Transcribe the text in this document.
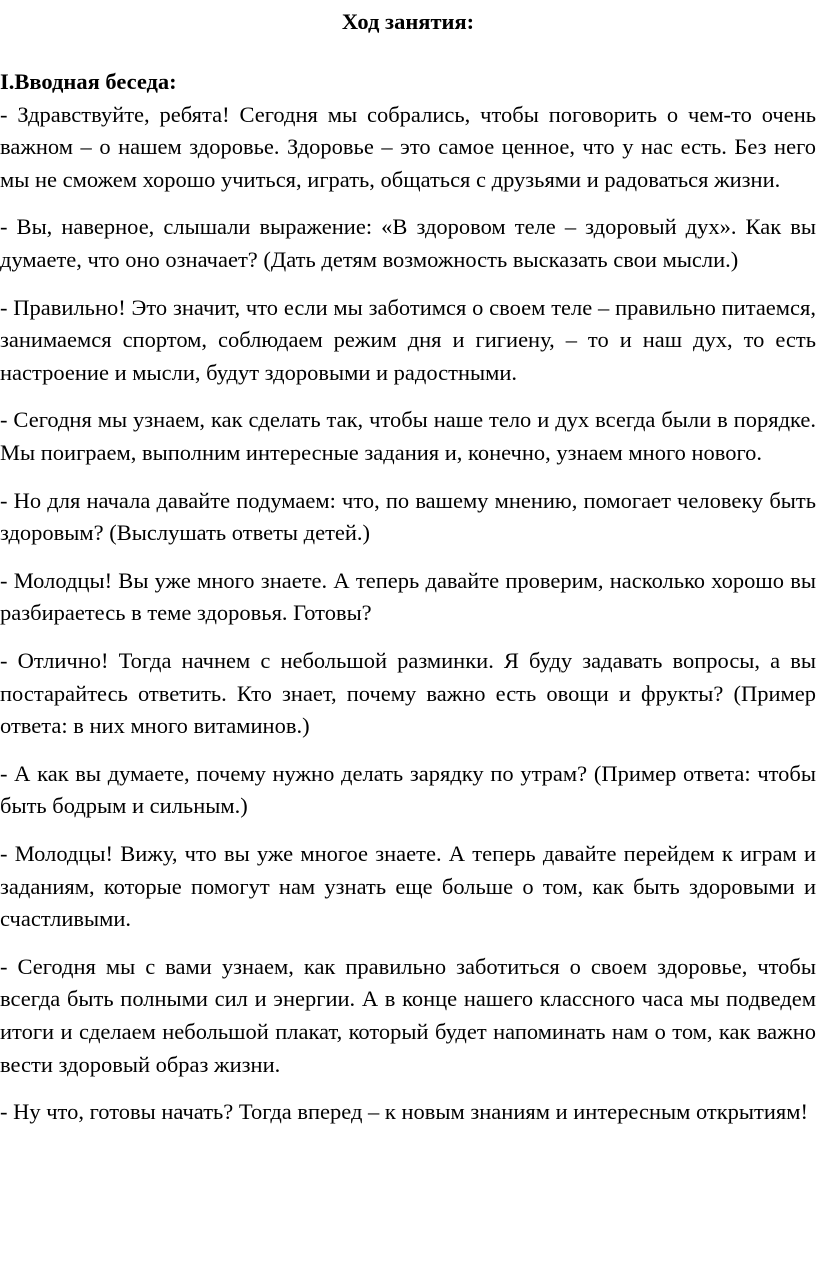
Ход занятия:
I.Вводная беседа:
- Здравствуйте, ребята! Сегодня мы собрались, чтобы поговорить о чем-то очень важном – о нашем здоровье. Здоровье – это самое ценное, что у нас есть. Без него мы не сможем хорошо учиться, играть, общаться с друзьями и радоваться жизни.
- Вы, наверное, слышали выражение: «В здоровом теле – здоровый дух». Как вы думаете, что оно означает? (Дать детям возможность высказать свои мысли.)
- Правильно! Это значит, что если мы заботимся о своем теле – правильно питаемся, занимаемся спортом, соблюдаем режим дня и гигиену, – то и наш дух, то есть настроение и мысли, будут здоровыми и радостными.
- Сегодня мы узнаем, как сделать так, чтобы наше тело и дух всегда были в порядке. Мы поиграем, выполним интересные задания и, конечно, узнаем много нового.
- Но для начала давайте подумаем: что, по вашему мнению, помогает человеку быть здоровым? (Выслушать ответы детей.)
- Молодцы! Вы уже много знаете. А теперь давайте проверим, насколько хорошо вы разбираетесь в теме здоровья. Готовы?
- Отлично! Тогда начнем с небольшой разминки. Я буду задавать вопросы, а вы постарайтесь ответить. Кто знает, почему важно есть овощи и фрукты? (Пример ответа: в них много витаминов.)
- А как вы думаете, почему нужно делать зарядку по утрам? (Пример ответа: чтобы быть бодрым и сильным.)
- Молодцы! Вижу, что вы уже многое знаете. А теперь давайте перейдем к играм и заданиям, которые помогут нам узнать еще больше о том, как быть здоровыми и счастливыми.
- Сегодня мы с вами узнаем, как правильно заботиться о своем здоровье, чтобы всегда быть полными сил и энергии. А в конце нашего классного часа мы подведем итоги и сделаем небольшой плакат, который будет напоминать нам о том, как важно вести здоровый образ жизни.
- Ну что, готовы начать? Тогда вперед – к новым знаниям и интересным открытиям!
